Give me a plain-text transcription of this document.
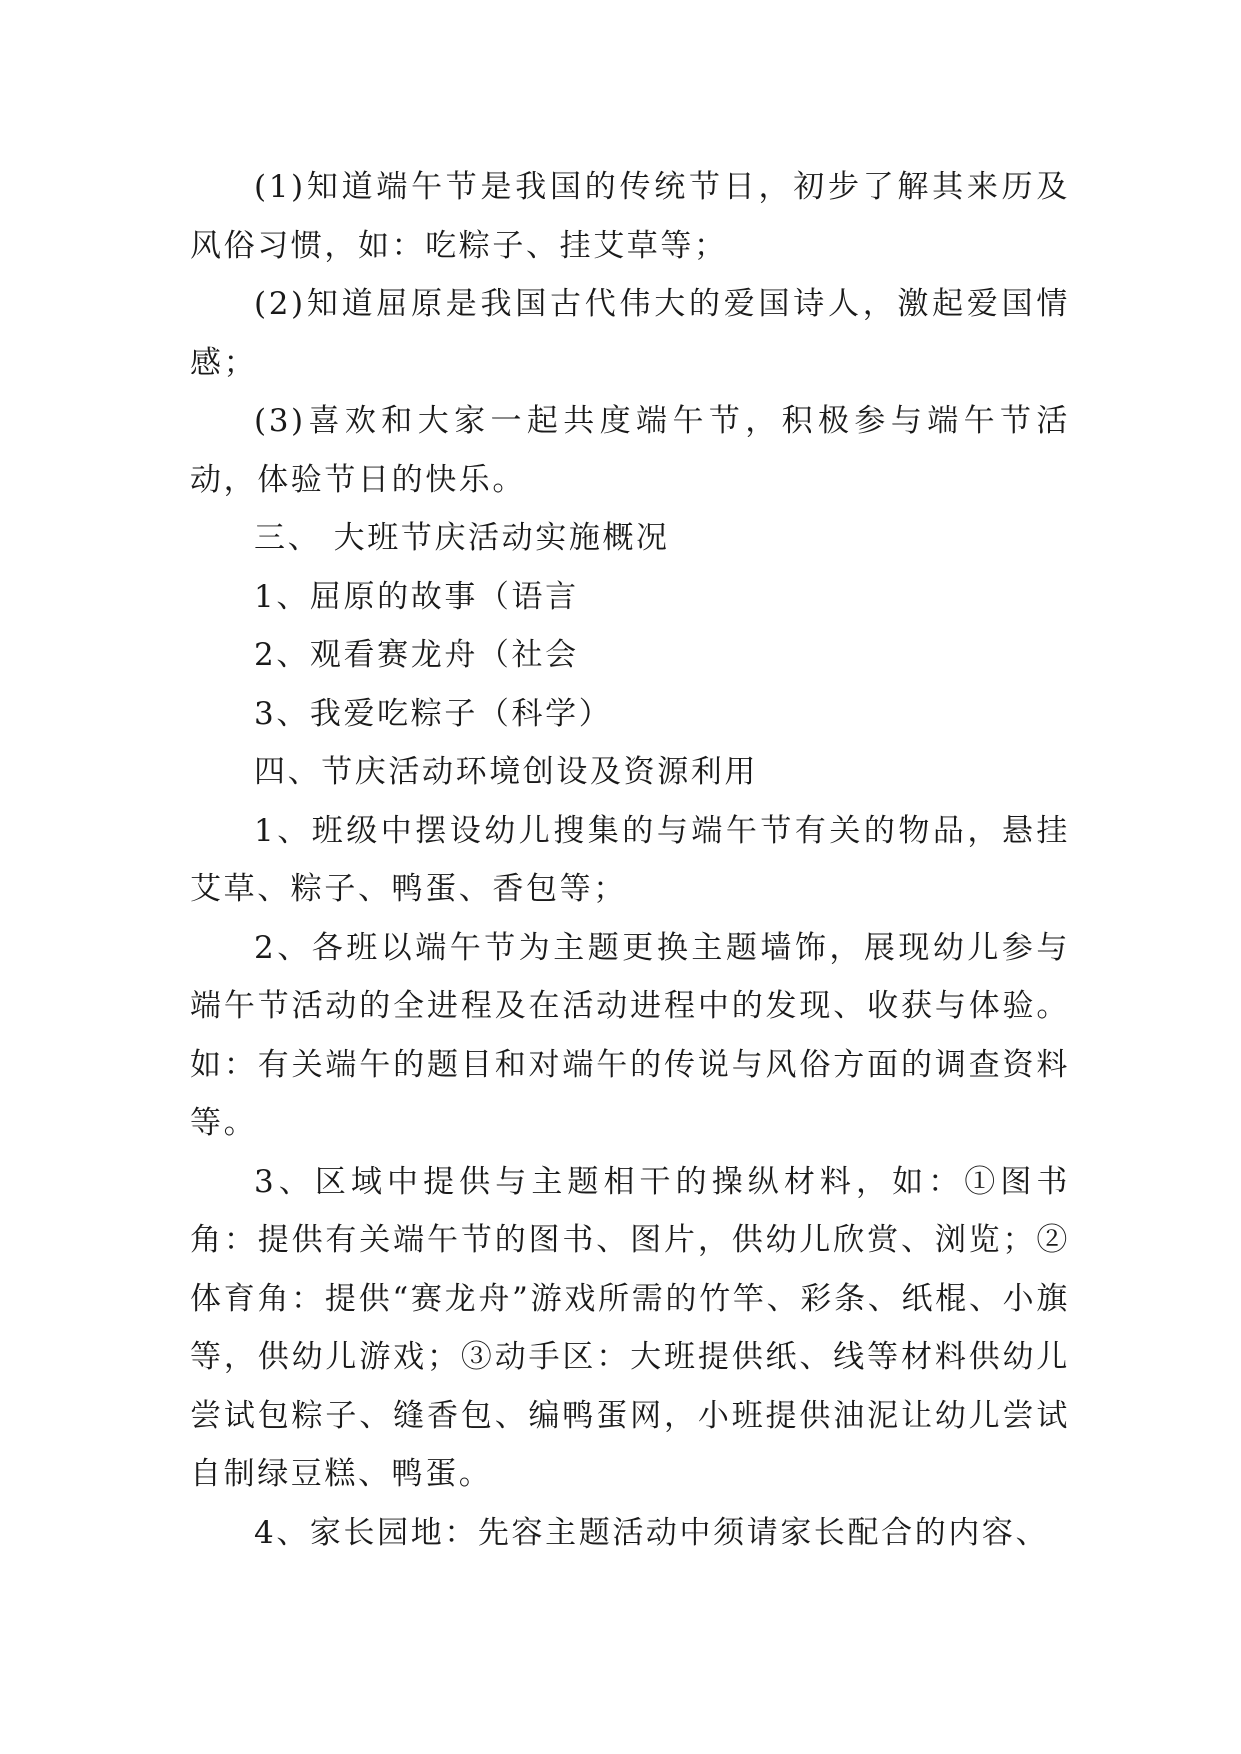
(1)知道端午节是我国的传统节日，初步了解其来历及风俗习惯，如：吃粽子、挂艾草等；

(2)知道屈原是我国古代伟大的爱国诗人，激起爱国情感；

(3)喜欢和大家一起共度端午节，积极参与端午节活动，体验节日的快乐。

三、 大班节庆活动实施概况

1、屈原的故事（语言

2、观看赛龙舟（社会

3、我爱吃粽子（科学）

四、节庆活动环境创设及资源利用

1、班级中摆设幼儿搜集的与端午节有关的物品，悬挂艾草、粽子、鸭蛋、香包等；

2、各班以端午节为主题更换主题墙饰，展现幼儿参与端午节活动的全进程及在活动进程中的发现、收获与体验。如：有关端午的题目和对端午的传说与风俗方面的调查资料等。

3、区域中提供与主题相干的操纵材料，如：①图书角：提供有关端午节的图书、图片，供幼儿欣赏、浏览；②体育角：提供“赛龙舟”游戏所需的竹竿、彩条、纸棍、小旗等，供幼儿游戏；③动手区：大班提供纸、线等材料供幼儿尝试包粽子、缝香包、编鸭蛋网，小班提供油泥让幼儿尝试自制绿豆糕、鸭蛋。

4、家长园地：先容主题活动中须请家长配合的内容、
